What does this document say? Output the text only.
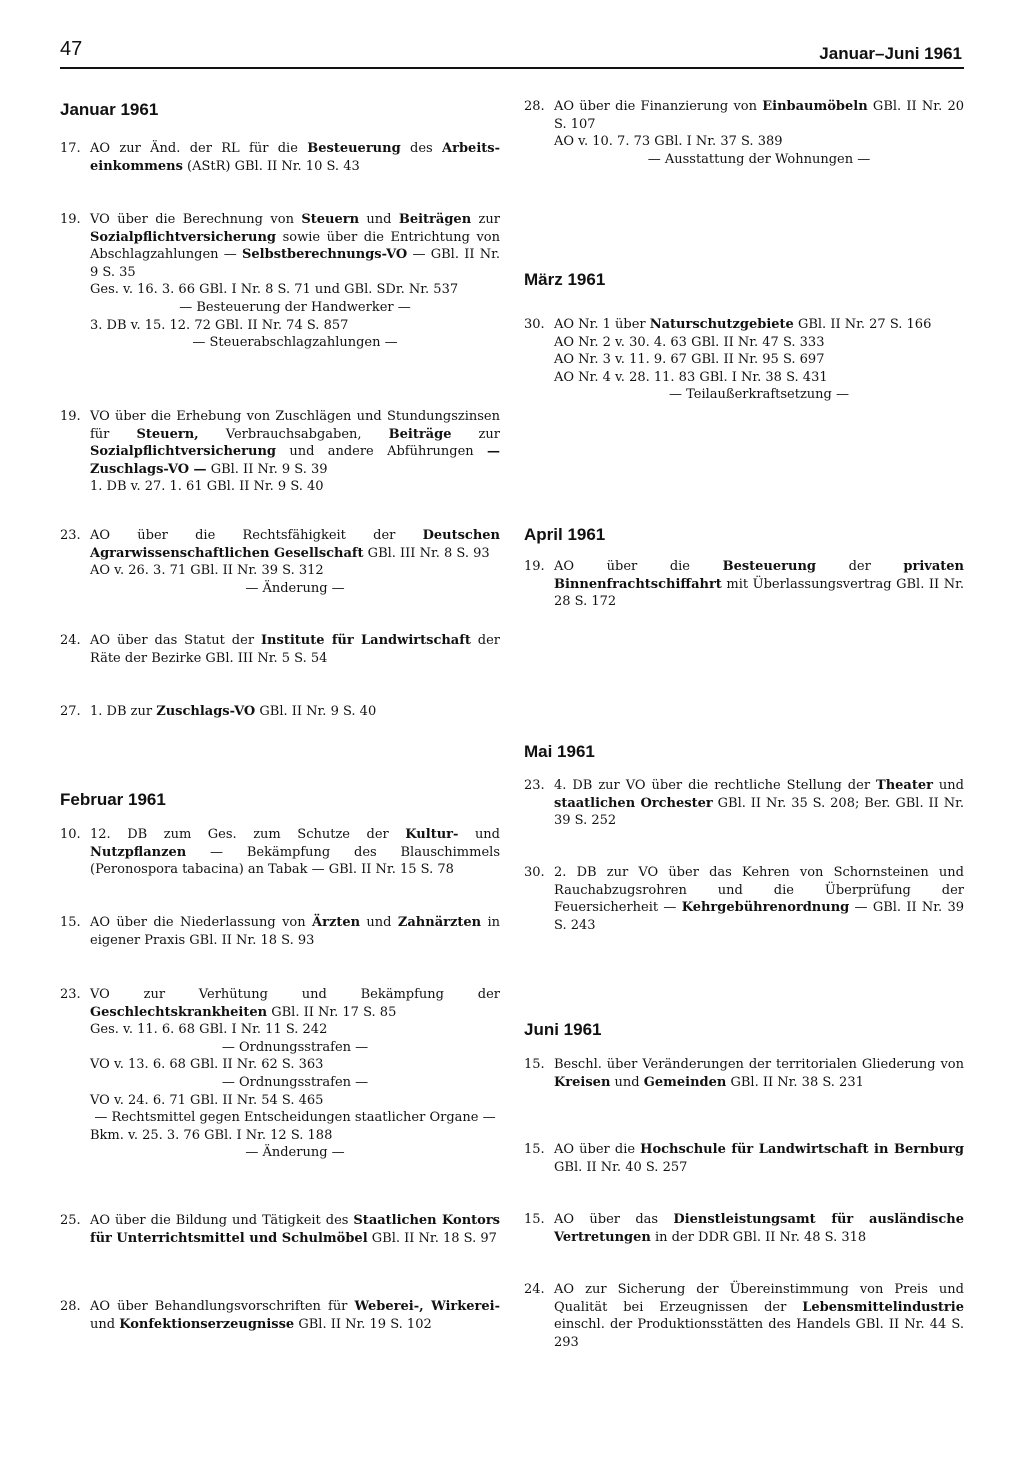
47	Januar–Juni 1961
Januar 1961
17. AO zur Änd. der RL für die Besteuerung des Arbeits-einkommens (AStR) GBl. II Nr. 10 S. 43
19. VO über die Berechnung von Steuern und Beiträgen zur Sozialpflichtversicherung sowie über die Entrichtung von Abschlagzahlungen — Selbstberechnungs-VO — GBl. II Nr. 9 S. 35
Ges. v. 16. 3. 66 GBl. I Nr. 8 S. 71 und GBl. SDr. Nr. 537
— Besteuerung der Handwerker —
3. DB v. 15. 12. 72 GBl. II Nr. 74 S. 857
— Steuerabschlagzahlungen —
19. VO über die Erhebung von Zuschlägen und Stundungszinsen für Steuern, Verbrauchsabgaben, Beiträge zur Sozialpflichtversicherung und andere Abführungen — Zuschlags-VO — GBl. II Nr. 9 S. 39
1. DB v. 27. 1. 61 GBl. II Nr. 9 S. 40
23. AO über die Rechtsfähigkeit der Deutschen Agrarwissenschaftlichen Gesellschaft GBl. III Nr. 8 S. 93
AO v. 26. 3. 71 GBl. II Nr. 39 S. 312
— Änderung —
24. AO über das Statut der Institute für Landwirtschaft der Räte der Bezirke GBl. III Nr. 5 S. 54
27. 1. DB zur Zuschlags-VO GBl. II Nr. 9 S. 40
Februar 1961
10. 12. DB zum Ges. zum Schutze der Kultur- und Nutzpflanzen — Bekämpfung des Blauschimmels (Peronospora tabacina) an Tabak — GBl. II Nr. 15 S. 78
15. AO über die Niederlassung von Ärzten und Zahnärzten in eigener Praxis GBl. II Nr. 18 S. 93
23. VO zur Verhütung und Bekämpfung der Geschlechtskrankheiten GBl. II Nr. 17 S. 85
Ges. v. 11. 6. 68 GBl. I Nr. 11 S. 242
— Ordnungsstrafen —
VO v. 13. 6. 68 GBl. II Nr. 62 S. 363
— Ordnungsstrafen —
VO v. 24. 6. 71 GBl. II Nr. 54 S. 465
— Rechtsmittel gegen Entscheidungen staatlicher Organe —
Bkm. v. 25. 3. 76 GBl. I Nr. 12 S. 188
— Änderung —
25. AO über die Bildung und Tätigkeit des Staatlichen Kontors für Unterrichtsmittel und Schulmöbel GBl. II Nr. 18 S. 97
28. AO über Behandlungsvorschriften für Weberei-, Wirkerei- und Konfektionserzeugnisse GBl. II Nr. 19 S. 102
28. AO über die Finanzierung von Einbaumöbeln GBl. II Nr. 20 S. 107
AO v. 10. 7. 73 GBl. I Nr. 37 S. 389
— Ausstattung der Wohnungen —
März 1961
30. AO Nr. 1 über Naturschutzgebiete GBl. II Nr. 27 S. 166
AO Nr. 2 v. 30. 4. 63 GBl. II Nr. 47 S. 333
AO Nr. 3 v. 11. 9. 67 GBl. II Nr. 95 S. 697
AO Nr. 4 v. 28. 11. 83 GBl. I Nr. 38 S. 431
— Teilaußerkraftsetzung —
April 1961
19. AO über die Besteuerung der privaten Binnenfrachtschiffahrt mit Überlassungsvertrag GBl. II Nr. 28 S. 172
Mai 1961
23. 4. DB zur VO über die rechtliche Stellung der Theater und staatlichen Orchester GBl. II Nr. 35 S. 208; Ber. GBl. II Nr. 39 S. 252
30. 2. DB zur VO über das Kehren von Schornsteinen und Rauchabzugsrohren und die Überprüfung der Feuersicherheit — Kehrgebührenordnung — GBl. II Nr. 39 S. 243
Juni 1961
15. Beschl. über Veränderungen der territorialen Gliederung von Kreisen und Gemeinden GBl. II Nr. 38 S. 231
15. AO über die Hochschule für Landwirtschaft in Bernburg GBl. II Nr. 40 S. 257
15. AO über das Dienstleistungsamt für ausländische Vertretungen in der DDR GBl. II Nr. 48 S. 318
24. AO zur Sicherung der Übereinstimmung von Preis und Qualität bei Erzeugnissen der Lebensmittelindustrie einschl. der Produktionsstätten des Handels GBl. II Nr. 44 S. 293
